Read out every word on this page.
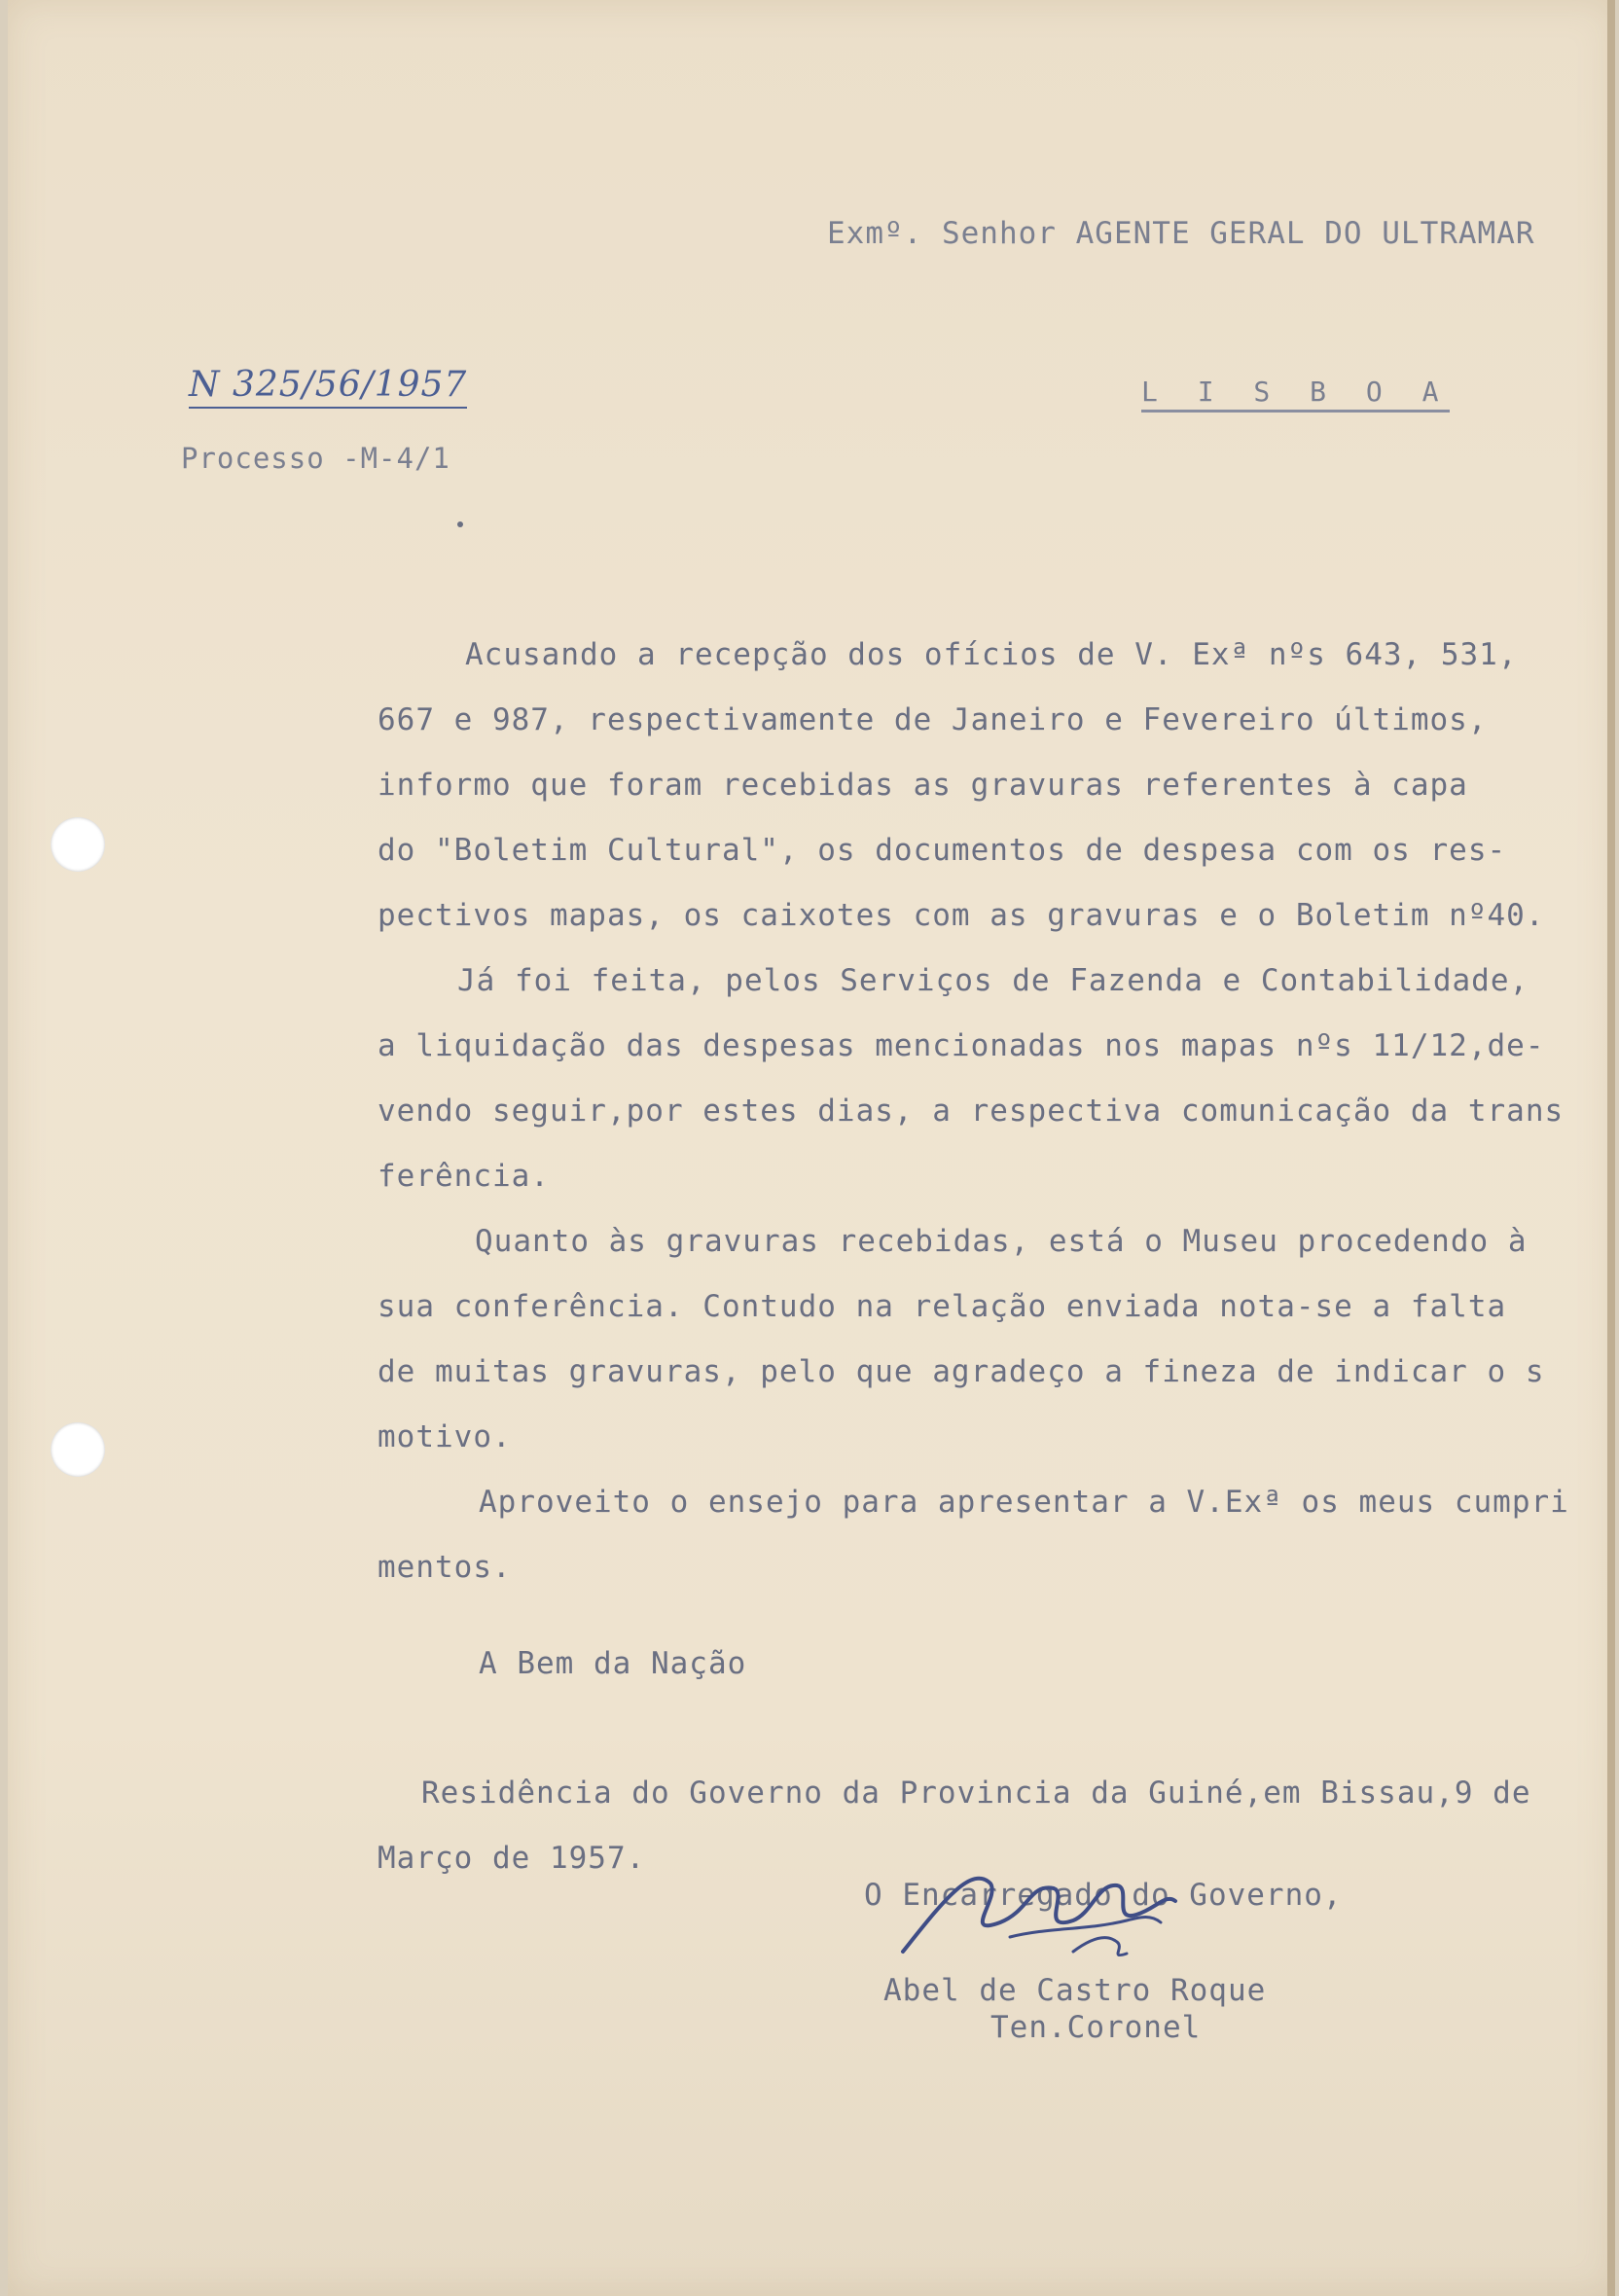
Exmº. Senhor AGENTE GERAL DO ULTRAMAR
N 325/56/1957	L I S B O A
Processo -M-4/1
Acusando a recepção dos ofícios de V. Exª nºs 643, 531,
667 e 987, respectivamente de Janeiro e Fevereiro últimos,
informo que foram recebidas as gravuras referentes à capa
do "Boletim Cultural", os documentos de despesa com os res-
pectivos mapas, os caixotes com as gravuras e o Boletim nº40.
Já foi feita, pelos Serviços de Fazenda e Contabilidade,
a liquidação das despesas mencionadas nos mapas nºs 11/12,de-
vendo seguir,por estes dias, a respectiva comunicação da trans
ferência.
Quanto às gravuras recebidas, está o Museu procedendo à
sua conferência. Contudo na relação enviada nota-se a falta
de muitas gravuras, pelo que agradeço a fineza de indicar o s
motivo.
Aproveito o ensejo para apresentar a V.Exª os meus cumpri
mentos.
A Bem da Nação
Residência do Governo da Provincia da Guiné,em Bissau,9 de
Março de 1957.
O Encarregado do Governo,
Abel de Castro Roque
Ten.Coronel
